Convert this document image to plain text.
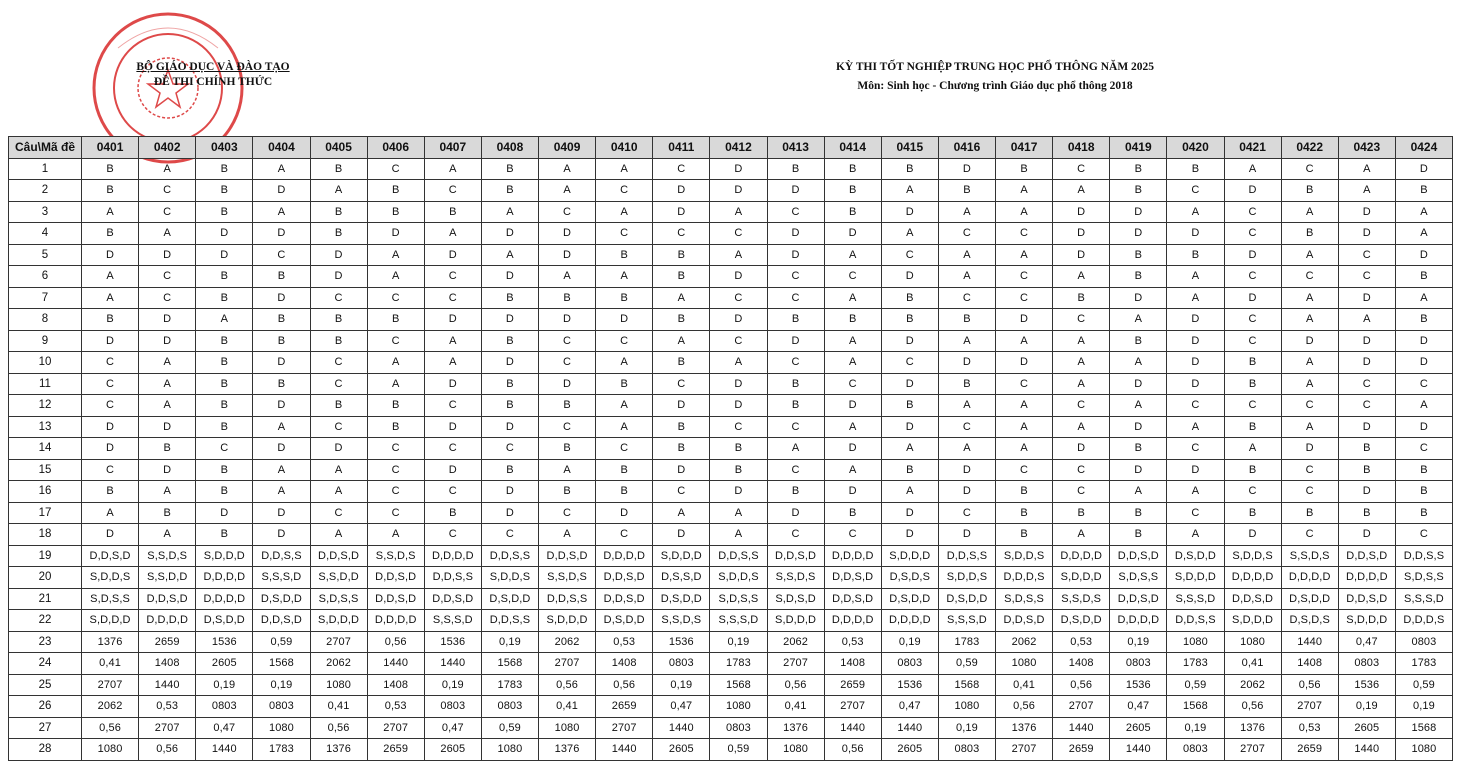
BỘ GIÁO DỤC VÀ ĐÀO TẠO
ĐỀ THI CHÍNH THỨC
KỲ THI TỐT NGHIỆP TRUNG HỌC PHỔ THÔNG NĂM 2025
Môn: Sinh học - Chương trình Giáo dục phổ thông 2018
Câu\Mã đề	0401	0402	0403	0404	0405	0406	0407	0408	0409	0410	0411	0412	0413	0414	0415	0416	0417	0418	0419	0420	0421	0422	0423	0424
1	B	A	B	A	B	C	A	B	A	A	C	D	B	B	B	D	B	C	B	B	A	C	A	D
2	B	C	B	D	A	B	C	B	A	C	D	D	D	B	A	B	A	A	B	C	D	B	A	B
3	A	C	B	A	B	B	B	A	C	A	D	A	C	B	D	A	A	D	D	A	C	A	D	A
4	B	A	D	D	B	D	A	D	D	C	C	C	D	D	A	C	C	D	D	D	C	B	D	A
5	D	D	D	C	D	A	D	A	D	B	B	A	D	A	C	A	A	D	B	B	D	A	C	D
6	A	C	B	B	D	A	C	D	A	A	B	D	C	C	D	A	C	A	B	A	C	C	C	B
7	A	C	B	D	C	C	C	B	B	B	A	C	C	A	B	C	C	B	D	A	D	A	D	A
8	B	D	A	B	B	B	D	D	D	D	B	D	B	B	B	B	D	C	A	D	C	A	A	B
9	D	D	B	B	B	C	A	B	C	C	A	C	D	A	D	A	A	A	B	D	C	D	D	D
10	C	A	B	D	C	A	A	D	C	A	B	A	C	A	C	D	D	A	A	D	B	A	D	D
11	C	A	B	B	C	A	D	B	D	B	C	D	B	C	D	B	C	A	D	D	B	A	C	C
12	C	A	B	D	B	B	C	B	B	A	D	D	B	D	B	A	A	C	A	C	C	C	C	A
13	D	D	B	A	C	B	D	D	C	A	B	C	C	A	D	C	A	A	D	A	B	A	D	D
14	D	B	C	D	D	C	C	C	B	C	B	B	A	D	A	A	A	D	B	C	A	D	B	C
15	C	D	B	A	A	C	D	B	A	B	D	B	C	A	B	D	C	C	D	D	B	C	B	B
16	B	A	B	A	A	C	C	D	B	B	C	D	B	D	A	D	B	C	A	A	C	C	D	B
17	A	B	D	D	C	C	B	D	C	D	A	A	D	B	D	C	B	B	B	C	B	B	B	B
18	D	A	B	D	A	A	C	C	A	C	D	A	C	C	D	D	B	A	B	A	D	C	D	C
19	D,D,S,D	S,S,D,S	S,D,D,D	D,D,S,S	D,D,S,D	S,S,D,S	D,D,D,D	D,D,S,S	D,D,S,D	D,D,D,D	S,D,D,D	D,D,S,S	D,D,S,D	D,D,D,D	S,D,D,D	D,D,S,S	S,D,D,S	D,D,D,D	D,D,S,D	D,S,D,D	S,D,D,S	S,S,D,S	D,D,S,D	D,D,S,S
20	S,D,D,S	S,S,D,D	D,D,D,D	S,S,S,D	S,S,D,D	D,D,S,D	D,D,S,S	S,D,D,S	S,S,D,S	D,D,S,D	D,S,S,D	S,D,D,S	S,S,D,S	D,D,S,D	D,S,D,S	S,D,D,S	D,D,D,S	S,D,D,D	S,D,S,S	S,D,D,D	D,D,D,D	D,D,D,D	D,D,D,D	S,D,S,S
21	S,D,S,S	D,D,S,D	D,D,D,D	D,S,D,D	S,D,S,S	D,D,S,D	D,D,S,D	D,S,D,D	D,D,S,S	D,D,S,D	D,S,D,D	S,D,S,S	S,D,S,D	D,D,S,D	D,S,D,D	D,S,D,D	S,D,S,S	S,S,D,S	D,D,S,D	S,S,S,D	D,D,S,D	D,S,D,D	D,D,S,D	S,S,S,D
22	S,D,D,D	D,D,D,D	D,S,D,D	D,D,S,D	S,D,D,D	D,D,D,D	S,S,S,D	D,D,S,S	S,D,D,D	D,S,D,D	S,S,D,S	S,S,S,D	S,D,D,D	D,D,D,D	D,D,D,D	S,S,S,D	D,D,S,D	D,S,D,D	D,D,D,D	D,D,S,S	S,D,D,D	D,S,D,S	S,D,D,D	D,D,D,S
23	1376	2659	1536	0,59	2707	0,56	1536	0,19	2062	0,53	1536	0,19	2062	0,53	0,19	1783	2062	0,53	0,19	1080	1080	1440	0,47	0803
24	0,41	1408	2605	1568	2062	1440	1440	1568	2707	1408	0803	1783	2707	1408	0803	0,59	1080	1408	0803	1783	0,41	1408	0803	1783
25	2707	1440	0,19	0,19	1080	1408	0,19	1783	0,56	0,56	0,19	1568	0,56	2659	1536	1568	0,41	0,56	1536	0,59	2062	0,56	1536	0,59
26	2062	0,53	0803	0803	0,41	0,53	0803	0803	0,41	2659	0,47	1080	0,41	2707	0,47	1080	0,56	2707	0,47	1568	0,56	2707	0,19	0,19
27	0,56	2707	0,47	1080	0,56	2707	0,47	0,59	1080	2707	1440	0803	1376	1440	1440	0,19	1376	1440	2605	0,19	1376	0,53	2605	1568
28	1080	0,56	1440	1783	1376	2659	2605	1080	1376	1440	2605	0,59	1080	0,56	2605	0803	2707	2659	1440	0803	2707	2659	1440	1080
